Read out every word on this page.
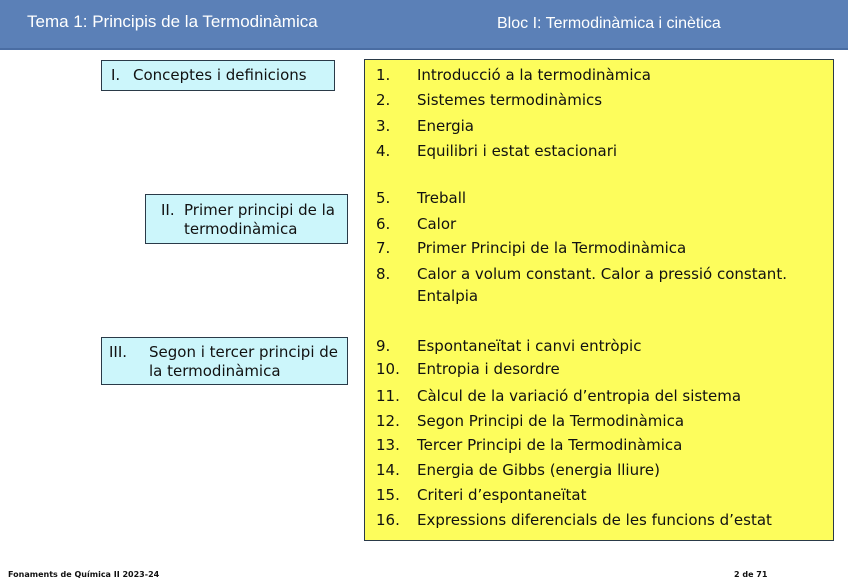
Tema 1: Principis de la Termodinàmica	Bloc I: Termodinàmica i cinètica
I. Conceptes i definicions
II. Primer principi de la termodinàmica
III. Segon i tercer principi de la termodinàmica
1. Introducció a la termodinàmica
2. Sistemes termodinàmics
3. Energia
4. Equilibri i estat estacionari
5. Treball
6. Calor
7. Primer Principi de la Termodinàmica
8. Calor a volum constant. Calor a pressió constant. Entalpia
9. Espontaneïtat i canvi entròpic
10. Entropia i desordre
11. Càlcul de la variació d’entropia del sistema
12. Segon Principi de la Termodinàmica
13. Tercer Principi de la Termodinàmica
14. Energia de Gibbs (energia lliure)
15. Criteri d’espontaneïtat
16. Expressions diferencials de les funcions d’estat
Fonaments de Química II 2023-24	2 de 71
